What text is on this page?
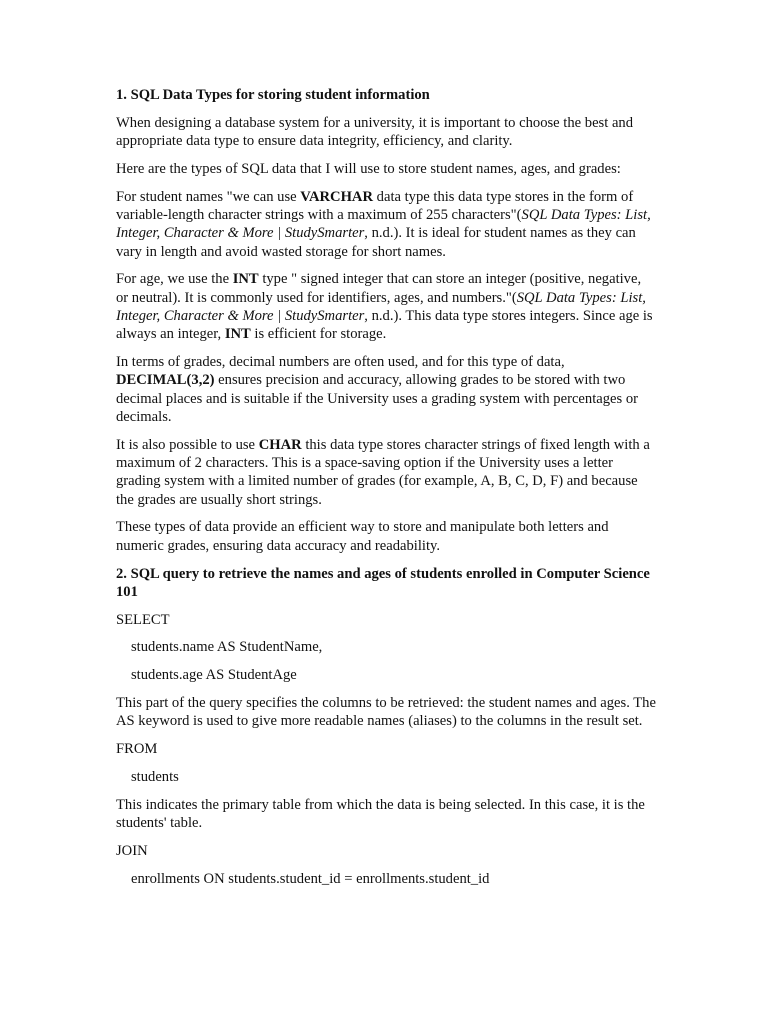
1. SQL Data Types for storing student information

When designing a database system for a university, it is important to choose the best and appropriate data type to ensure data integrity, efficiency, and clarity.

Here are the types of SQL data that I will use to store student names, ages, and grades:

For student names "we can use VARCHAR data type this data type stores in the form of variable-length character strings with a maximum of 255 characters"(SQL Data Types: List, Integer, Character & More | StudySmarter, n.d.). It is ideal for student names as they can vary in length and avoid wasted storage for short names.

For age, we use the INT type " signed integer that can store an integer (positive, negative, or neutral). It is commonly used for identifiers, ages, and numbers."(SQL Data Types: List, Integer, Character & More | StudySmarter, n.d.). This data type stores integers. Since age is always an integer, INT is efficient for storage.

In terms of grades, decimal numbers are often used, and for this type of data, DECIMAL(3,2) ensures precision and accuracy, allowing grades to be stored with two decimal places and is suitable if the University uses a grading system with percentages or decimals.

It is also possible to use CHAR this data type stores character strings of fixed length with a maximum of 2 characters. This is a space-saving option if the University uses a letter grading system with a limited number of grades (for example, A, B, C, D, F) and because the grades are usually short strings.

These types of data provide an efficient way to store and manipulate both letters and numeric grades, ensuring data accuracy and readability.

2. SQL query to retrieve the names and ages of students enrolled in Computer Science 101

SELECT

students.name AS StudentName,

students.age AS StudentAge

This part of the query specifies the columns to be retrieved: the student names and ages. The AS keyword is used to give more readable names (aliases) to the columns in the result set.

FROM

students

This indicates the primary table from which the data is being selected. In this case, it is the students' table.

JOIN

enrollments ON students.student_id = enrollments.student_id
